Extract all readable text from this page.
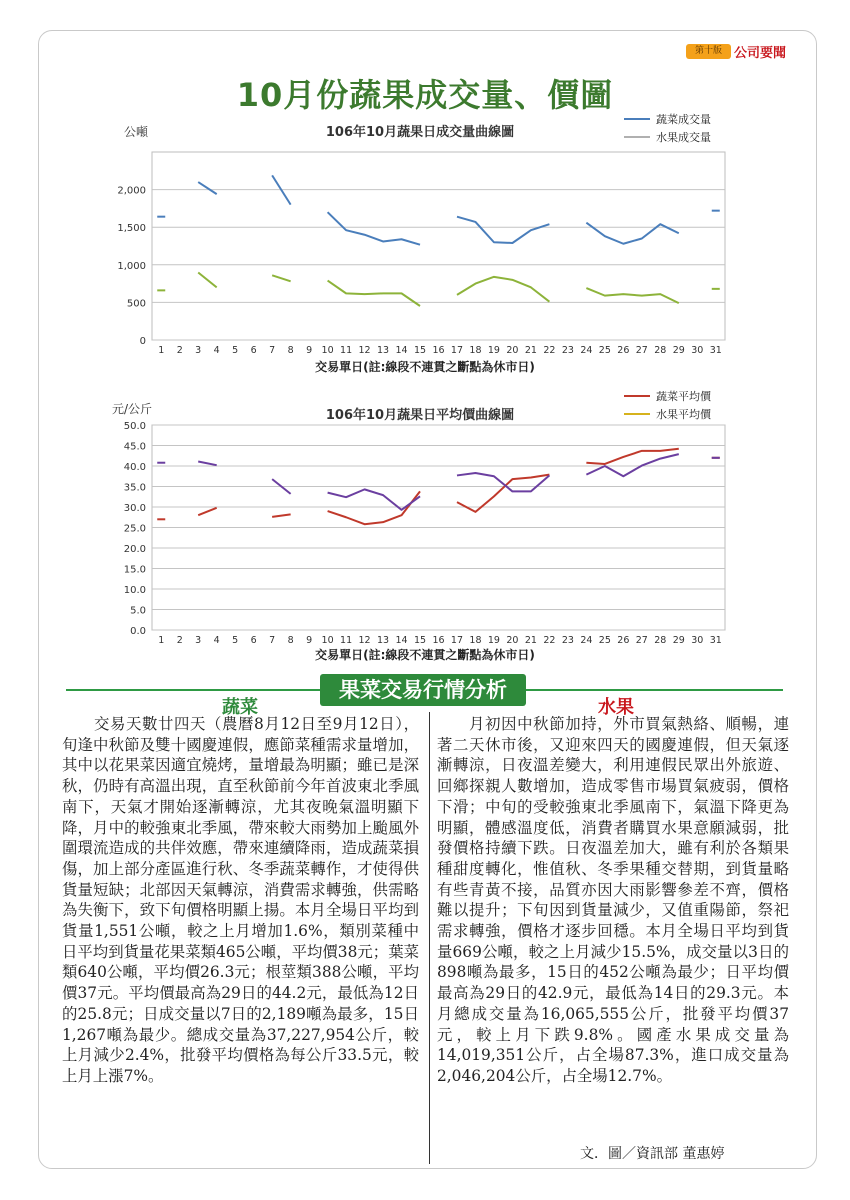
第十版 公司要聞
10月份蔬果成交量、價圖
106年10月蔬果日成交量曲線圖
公噸
蔬菜成交量
水果成交量
0
500
1,000
1,500
2,000
1 2 3 4 5 6 7 8 9 10 11 12 13 14 15 16 17 18 19 20 21 22 23 24 25 26 27 28 29 30 31
交易單日(註:線段不連貫之斷點為休市日)
106年10月蔬果日平均價曲線圖
元/公斤
蔬菜平均價
水果平均價
0.0
5.0
10.0
15.0
20.0
25.0
30.0
35.0
40.0
45.0
50.0
1 2 3 4 5 6 7 8 9 10 11 12 13 14 15 16 17 18 19 20 21 22 23 24 25 26 27 28 29 30 31
交易單日(註:線段不連貫之斷點為休市日)
果菜交易行情分析
蔬菜	水果
　　交易天數廿四天（農曆8月12日至9月12日），旬逢中秋節及雙十國慶連假，應節菜種需求量增加，其中以花果菜因適宜燒烤，量增最為明顯；雖已是深秋，仍時有高溫出現，直至秋節前今年首波東北季風南下，天氣才開始逐漸轉涼，尤其夜晚氣溫明顯下降，月中的較強東北季風，帶來較大雨勢加上颱風外圍環流造成的共伴效應，帶來連續降雨，造成蔬菜損傷，加上部分產區進行秋、冬季蔬菜轉作，才使得供貨量短缺；北部因天氣轉涼，消費需求轉強，供需略為失衡下，致下旬價格明顯上揚。本月全場日平均到貨量1,551公噸，較之上月增加1.6%，類別菜種中日平均到貨量花果菜類465公噸，平均價38元；葉菜類640公噸，平均價26.3元；根莖類388公噸，平均價37元。平均價最高為29日的44.2元，最低為12日的25.8元；日成交量以7日的2,189噸為最多，15日1,267噸為最少。總成交量為37,227,954公斤，較上月減少2.4%，批發平均價格為每公斤33.5元，較上月上漲7%。
　　月初因中秋節加持，外市買氣熱絡、順暢，連著二天休市後，又迎來四天的國慶連假，但天氣逐漸轉涼，日夜溫差變大，利用連假民眾出外旅遊、回鄉探親人數增加，造成零售市場買氣疲弱，價格下滑；中旬的受較強東北季風南下，氣溫下降更為明顯，體感溫度低，消費者購買水果意願減弱，批發價格持續下跌。日夜溫差加大，雖有利於各類果種甜度轉化，惟值秋、冬季果種交替期，到貨量略有些青黃不接，品質亦因大雨影響參差不齊，價格難以提升；下旬因到貨量減少，又值重陽節，祭祀需求轉強，價格才逐步回穩。本月全場日平均到貨量669公噸，較之上月減少15.5%，成交量以3日的898噸為最多，15日的452公噸為最少；日平均價最高為29日的42.9元，最低為14日的29.3元。本月總成交量為16,065,555公斤，批發平均價37元，較上月下跌9.8%。國產水果成交量為14,019,351公斤，占全場87.3%，進口成交量為2,046,204公斤，占全場12.7%。
文．圖／資訊部 董惠婷
